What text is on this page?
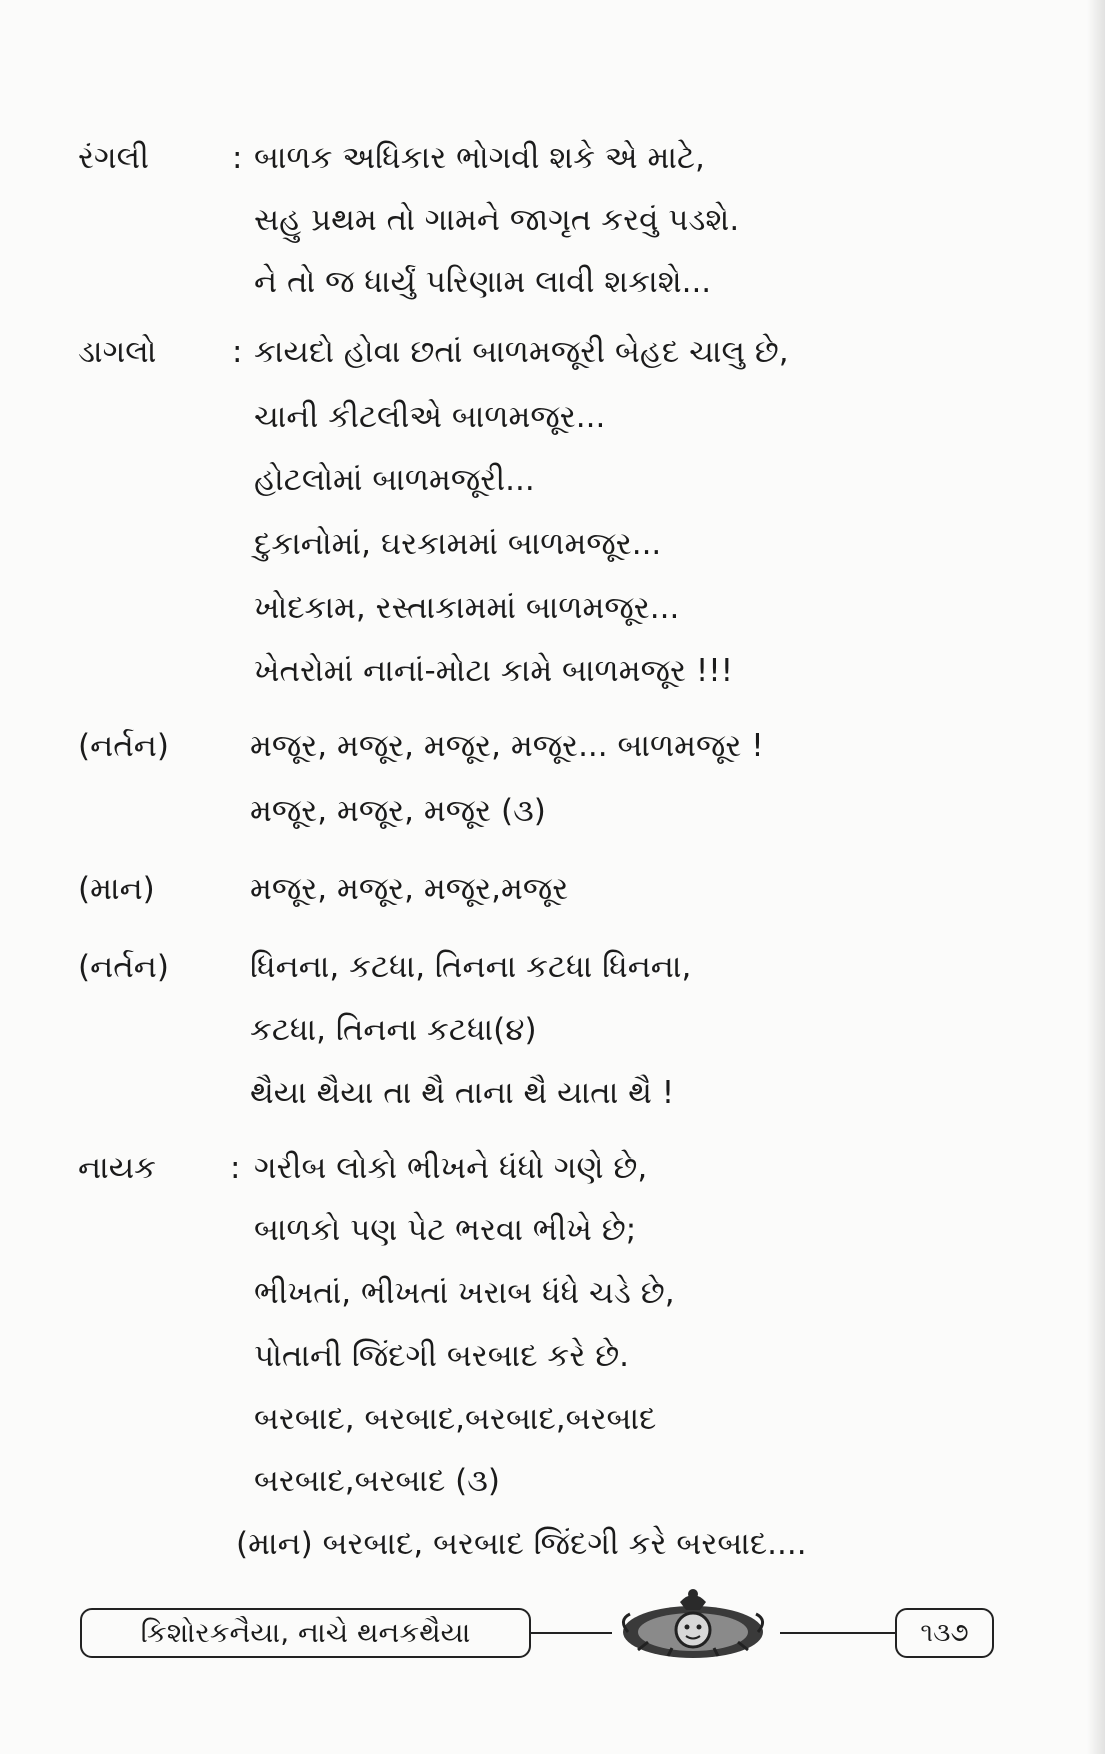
રંગલી	: બાળક અધિકાર ભોગવી શકે એ માટે,
સહુ પ્રથમ તો ગામને જાગૃત કરવું પડશે.
ને તો જ ધાર્યું પરિણામ લાવી શકાશે...
ડાગલો : કાયદો હોવા છતાં બાળમજૂરી બેહદ ચાલુ છે,
ચાની કીટલીએ બાળમજૂર...
હોટલોમાં બાળમજૂરી...
દુકાનોમાં, ઘરકામમાં બાળમજૂર...
ખોદકામ, રસ્તાકામમાં બાળમજૂર...
ખેતરોમાં નાનાં-મોટા કામે બાળમજૂર !!!
(નર્તન)	મજૂર, મજૂર, મજૂર, મજૂર... બાળમજૂર !
મજૂર, મજૂર, મજૂર (૩)
(માન)	મજૂર, મજૂર, મજૂર,મજૂર
(નર્તન)	ધિનના, કટધા, તિનના કટધા ધિનના,
કટધા, તિનના કટધા(૪)
થૈયા થૈયા તા થૈ તાના થૈ યાતા થૈ !
નાયક : ગરીબ લોકો ભીખને ધંધો ગણે છે,
બાળકો પણ પેટ ભરવા ભીખે છે;
ભીખતાં, ભીખતાં ખરાબ ધંધે ચડે છે,
પોતાની જિંદગી બરબાદ કરે છે.
બરબાદ, બરબાદ,બરબાદ,બરબાદ
બરબાદ,બરબાદ (૩)
(માન) બરબાદ, બરબાદ જિંદગી કરે બરબાદ....
કિશોરકનૈયા, નાચે થનકથૈયા	૧૩૭
